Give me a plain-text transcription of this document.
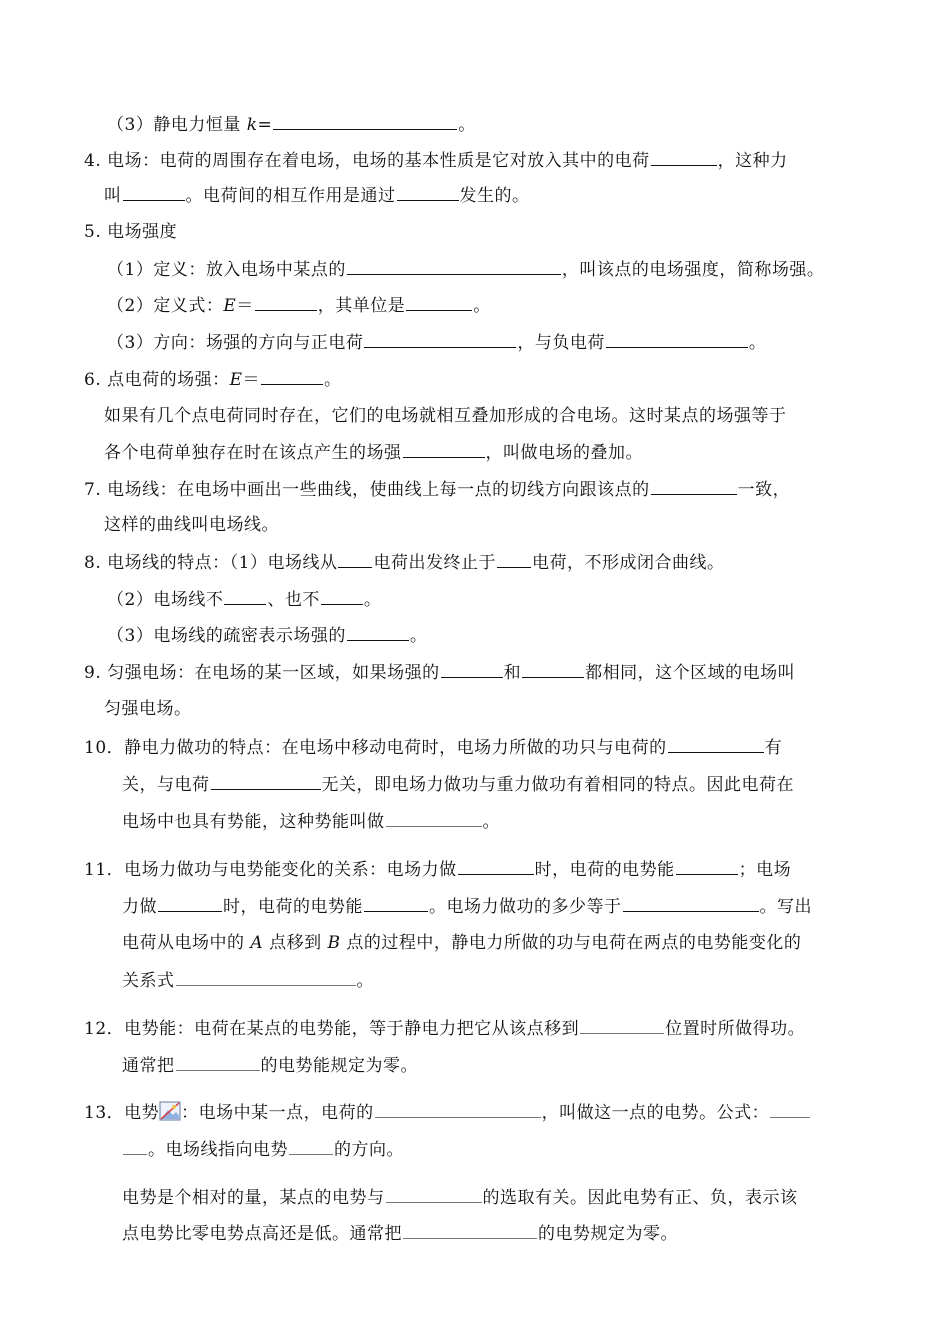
（3）静电力恒量 k=	。
4. 电场：电荷的周围存在着电场，电场的基本性质是它对放入其中的电荷	，这种力
叫	。电荷间的相互作用是通过	发生的。
5. 电场强度
（1）定义：放入电场中某点的	，叫该点的电场强度，简称场强。
（2）定义式：E＝	，其单位是	。
（3）方向：场强的方向与正电荷	，与负电荷	。
6. 点电荷的场强：E＝	。
如果有几个点电荷同时存在，它们的电场就相互叠加形成的合电场。这时某点的场强等于
各个电荷单独存在时在该点产生的场强	，叫做电场的叠加。
7. 电场线：在电场中画出一些曲线，使曲线上每一点的切线方向跟该点的	一致，
这样的曲线叫电场线。
8. 电场线的特点：（1）电场线从 电荷出发终止于 电荷，不形成闭合曲线。
（2）电场线不	、也不	。
（3）电场线的疏密表示场强的	。
9. 匀强电场：在电场的某一区域，如果场强的	和	都相同，这个区域的电场叫
匀强电场。
10．静电力做功的特点：在电场中移动电荷时，电场力所做的功只与电荷的	有
关，与电荷	无关，即电场力做功与重力做功有着相同的特点。因此电荷在
电场中也具有势能，这种势能叫做	。
11．电场力做功与电势能变化的关系：电场力做	时，电荷的电势能	；电场
力做	时，电荷的电势能	。电场力做功的多少等于	。写出
电荷从电场中的 A 点移到 B 点的过程中，静电力所做的功与电荷在两点的电势能变化的
关系式	。
12．电势能：电荷在某点的电势能，等于静电力把它从该点移到	位置时所做得功。
通常把	的电势能规定为零。
13．电势 ：电场中某一点，电荷的	，叫做这一点的电势。公式：
。电场线指向电势	的方向。
电势是个相对的量，某点的电势与	的选取有关。因此电势有正、负，表示该
点电势比零电势点高还是低。通常把	的电势规定为零。
